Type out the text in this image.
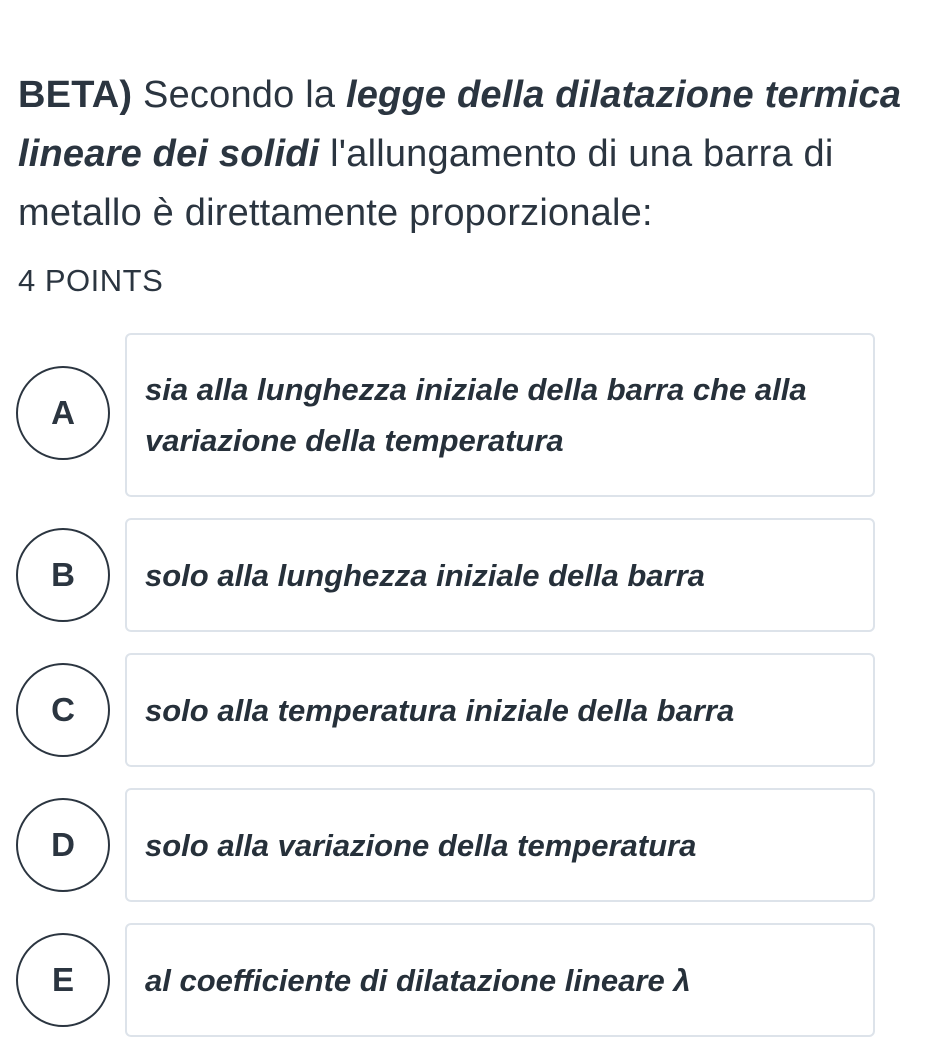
BETA) Secondo la legge della dilatazione termica lineare dei solidi l'allungamento di una barra di metallo è direttamente proporzionale:

4 POINTS
A
sia alla lunghezza iniziale della barra che alla variazione della temperatura
B	solo alla lunghezza iniziale della barra
C	solo alla temperatura iniziale della barra
D	solo alla variazione della temperatura
E	al coefficiente di dilatazione lineare λ
